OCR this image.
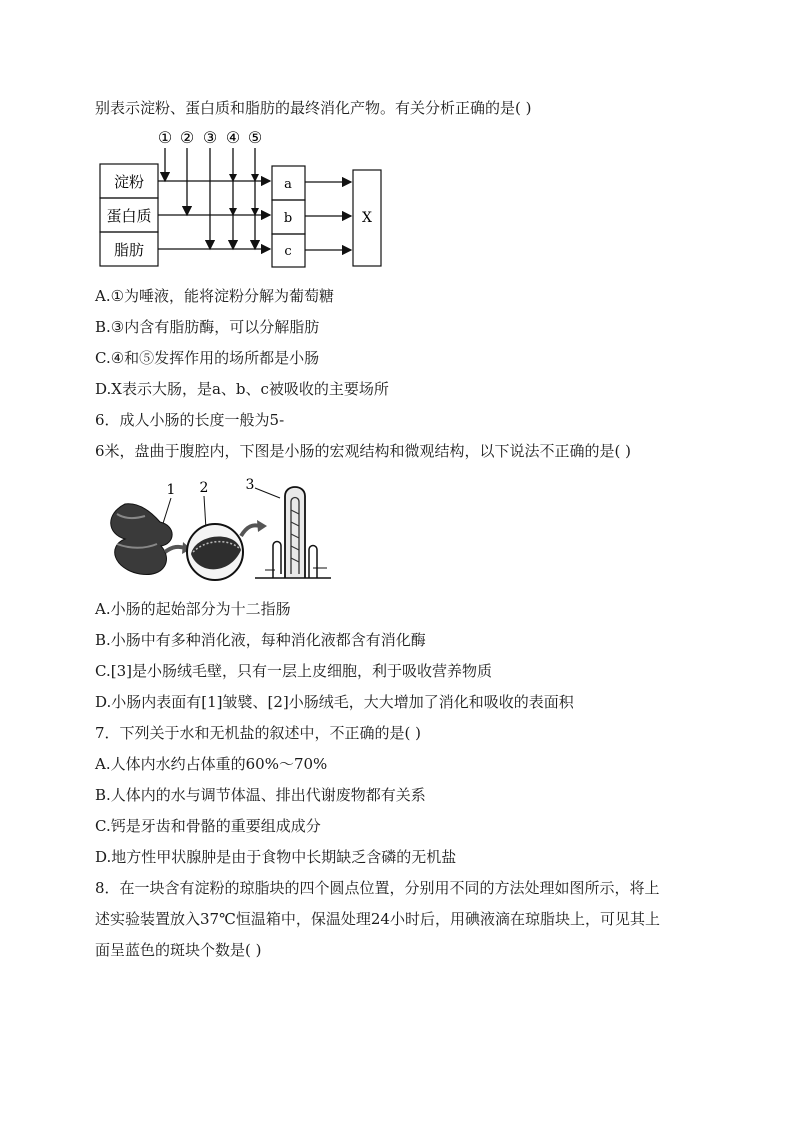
别表示淀粉、蛋白质和脂肪的最终消化产物。有关分析正确的是( )
① ② ③ ④ ⑤
淀粉
蛋白质
脂肪
a
b
c
X
A.①为唾液，能将淀粉分解为葡萄糖
B.③内含有脂肪酶，可以分解脂肪
C.④和⑤发挥作用的场所都是小肠
D.X表示大肠，是a、b、c被吸收的主要场所
6．成人小肠的长度一般为5-
6米，盘曲于腹腔内，下图是小肠的宏观结构和微观结构，以下说法不正确的是( )
1 2	3
A.小肠的起始部分为十二指肠
B.小肠中有多种消化液，每种消化液都含有消化酶
C.[3]是小肠绒毛壁，只有一层上皮细胞，利于吸收营养物质
D.小肠内表面有[1]皱襞、[2]小肠绒毛，大大增加了消化和吸收的表面积
7．下列关于水和无机盐的叙述中，不正确的是( )
A.人体内水约占体重的60%～70%
B.人体内的水与调节体温、排出代谢废物都有关系
C.钙是牙齿和骨骼的重要组成成分
D.地方性甲状腺肿是由于食物中长期缺乏含磷的无机盐
8．在一块含有淀粉的琼脂块的四个圆点位置，分别用不同的方法处理如图所示，将上
述实验装置放入37℃恒温箱中，保温处理24小时后，用碘液滴在琼脂块上，可见其上
面呈蓝色的斑块个数是( )
